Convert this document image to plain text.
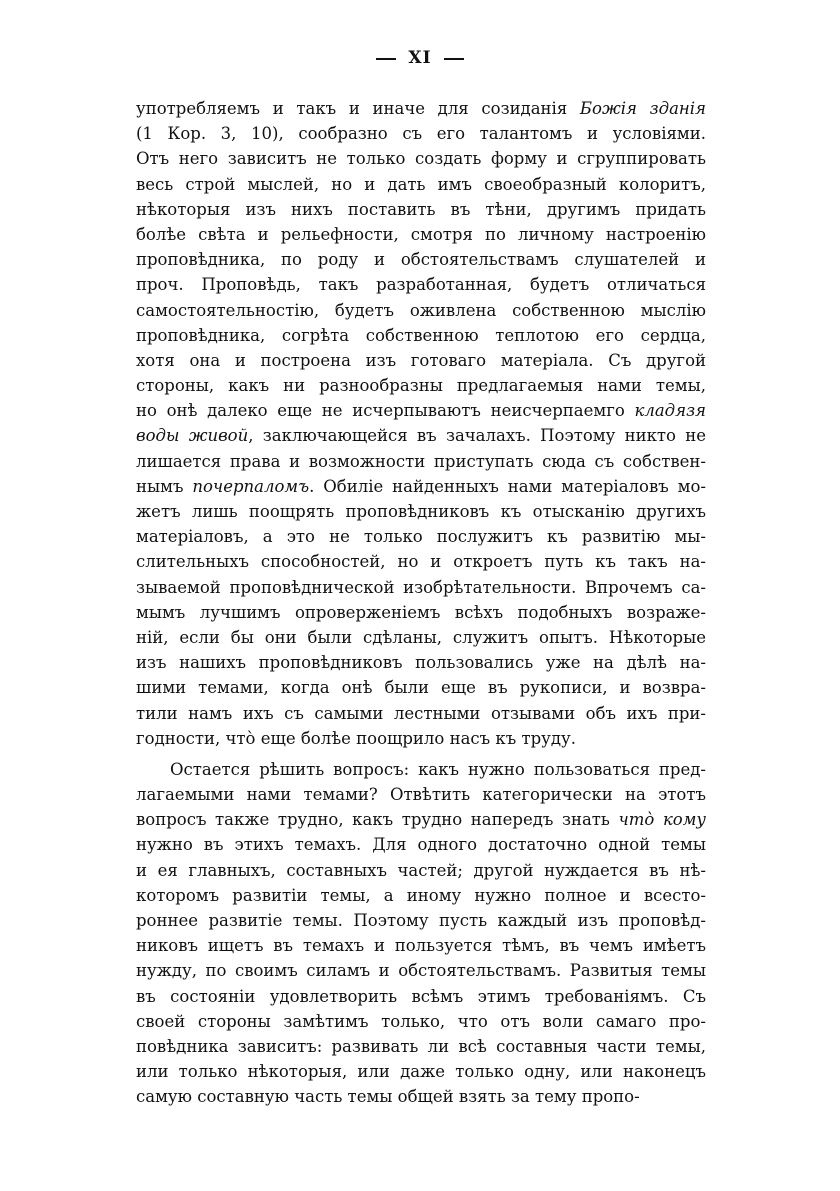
XI
употребляемъ и такъ и иначе для созиданія Божія зданія
(1 Кор. 3, 10), сообразно съ его талантомъ и условіями.
Отъ него зависитъ не только создать форму и сгруппировать
весь строй мыслей, но и дать имъ своеобразный колоритъ,
нѣкоторыя изъ нихъ поставить въ тѣни, другимъ придать
болѣе свѣта и рельефности, смотря по личному настроенію
проповѣдника, по роду и обстоятельствамъ слушателей и
проч. Проповѣдь, такъ разработанная, будетъ отличаться
самостоятельностію, будетъ оживлена собственною мыслію
проповѣдника, согрѣта собственною теплотою его сердца,
хотя она и построена изъ готоваго матеріала. Съ другой
стороны, какъ ни разнообразны предлагаемыя нами темы,
но онѣ далеко еще не исчерпываютъ неисчерпаемго кладязя
воды живой, заключающейся въ зачалахъ. Поэтому никто не
лишается права и возможности приступать сюда съ собствен-
нымъ почерпаломъ. Обиліе найденныхъ нами матеріаловъ мо-
жетъ лишь поощрять проповѣдниковъ къ отысканію другихъ
матеріаловъ, а это не только послужитъ къ развитію мы-
слительныхъ способностей, но и откроетъ путь къ такъ на-
зываемой проповѣднической изобрѣтательности. Впрочемъ са-
мымъ лучшимъ опроверженіемъ всѣхъ подобныхъ возраже-
ній, если бы они были сдѣланы, служитъ опытъ. Нѣкоторые
изъ нашихъ проповѣдниковъ пользовались уже на дѣлѣ на-
шими темами, когда онѣ были еще въ рукописи, и возвра-
тили намъ ихъ съ самыми лестными отзывами объ ихъ при-
годности, что̀ еще болѣе поощрило насъ къ труду.
Остается рѣшить вопросъ: какъ нужно пользоваться пред-
лагаемыми нами темами? Отвѣтить категорически на этотъ
вопросъ также трудно, какъ трудно напередъ знать что̀ кому
нужно въ этихъ темахъ. Для одного достаточно одной темы
и ея главныхъ, составныхъ частей; другой нуждается въ нѣ-
которомъ развитіи темы, а иному нужно полное и всесто-
роннее развитіе темы. Поэтому пусть каждый изъ проповѣд-
никовъ ищетъ въ темахъ и пользуется тѣмъ, въ чемъ имѣетъ
нужду, по своимъ силамъ и обстоятельствамъ. Развитыя темы
въ состояніи удовлетворить всѣмъ этимъ требованіямъ. Съ
своей стороны замѣтимъ только, что отъ воли самаго про-
повѣдника зависитъ: развивать ли всѣ составныя части темы,
или только нѣкоторыя, или даже только одну, или наконецъ
самую составную часть темы общей взять за тему пропо-
